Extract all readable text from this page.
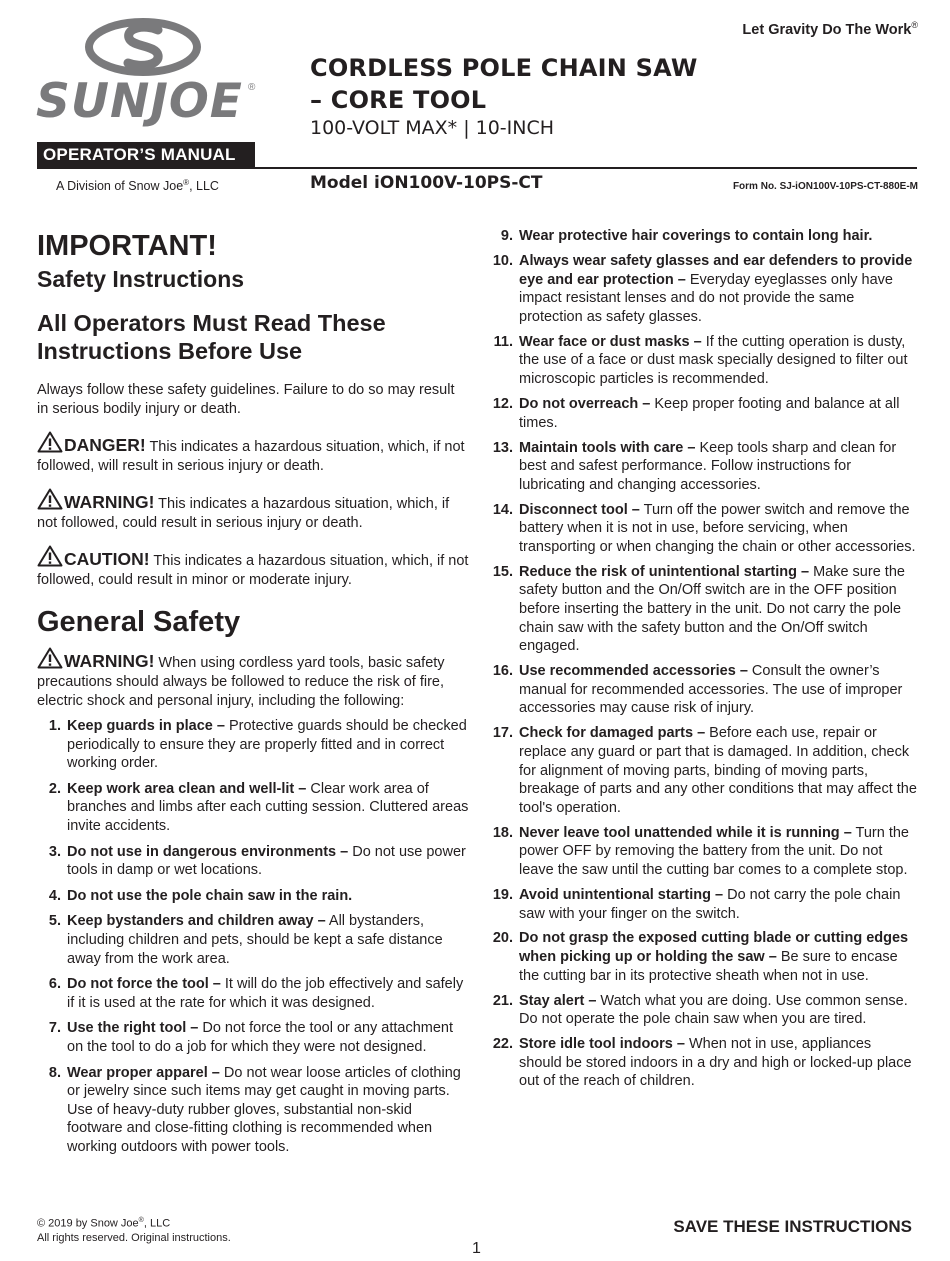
Let Gravity Do The Work®
SUNJOE ®
OPERATOR’S MANUAL
A Division of Snow Joe®, LLC
CORDLESS POLE CHAIN SAW
– CORE TOOL
100-VOLT MAX* | 10-INCH
Model iON100V-10PS-CT	Form No. SJ-iON100V-10PS-CT-880E-M
IMPORTANT!
Safety Instructions
All Operators Must Read These
Instructions Before Use

Always follow these safety guidelines. Failure to do so may result in serious bodily injury or death.

DANGER! This indicates a hazardous situation, which, if not followed, will result in serious injury or death.

WARNING! This indicates a hazardous situation, which, if not followed, could result in serious injury or death.

CAUTION! This indicates a hazardous situation, which, if not followed, could result in minor or moderate injury.

General Safety

WARNING! When using cordless yard tools, basic safety precautions should always be followed to reduce the risk of fire, electric shock and personal injury, including the following:

1. Keep guards in place – Protective guards should be checked periodically to ensure they are properly fitted and in correct working order.
2. Keep work area clean and well-lit – Clear work area of branches and limbs after each cutting session. Cluttered areas invite accidents.
3. Do not use in dangerous environments – Do not use power tools in damp or wet locations.
4. Do not use the pole chain saw in the rain.
5. Keep bystanders and children away – All bystanders, including children and pets, should be kept a safe distance away from the work area.
6. Do not force the tool – It will do the job effectively and safely if it is used at the rate for which it was designed.
7. Use the right tool – Do not force the tool or any attachment on the tool to do a job for which they were not designed.
8. Wear proper apparel – Do not wear loose articles of clothing or jewelry since such items may get caught in moving parts. Use of heavy-duty rubber gloves, substantial non-skid footware and close-fitting clothing is recommended when working outdoors with power tools.
9. Wear protective hair coverings to contain long hair.
10. Always wear safety glasses and ear defenders to provide eye and ear protection – Everyday eyeglasses only have impact resistant lenses and do not provide the same protection as safety glasses.
11. Wear face or dust masks – If the cutting operation is dusty, the use of a face or dust mask specially designed to filter out microscopic particles is recommended.
12. Do not overreach – Keep proper footing and balance at all times.
13. Maintain tools with care – Keep tools sharp and clean for best and safest performance. Follow instructions for lubricating and changing accessories.
14. Disconnect tool – Turn off the power switch and remove the battery when it is not in use, before servicing, when transporting or when changing the chain or other accessories.
15. Reduce the risk of unintentional starting – Make sure the safety button and the On/Off switch are in the OFF position before inserting the battery in the unit. Do not carry the pole chain saw with the safety button and the On/Off switch engaged.
16. Use recommended accessories – Consult the owner’s manual for recommended accessories. The use of improper accessories may cause risk of injury.
17. Check for damaged parts – Before each use, repair or replace any guard or part that is damaged. In addition, check for alignment of moving parts, binding of moving parts, breakage of parts and any other conditions that may affect the tool's operation.
18. Never leave tool unattended while it is running – Turn the power OFF by removing the battery from the unit. Do not leave the saw until the cutting bar comes to a complete stop.
19. Avoid unintentional starting – Do not carry the pole chain saw with your finger on the switch.
20. Do not grasp the exposed cutting blade or cutting edges when picking up or holding the saw – Be sure to encase the cutting bar in its protective sheath when not in use.
21. Stay alert – Watch what you are doing. Use common sense. Do not operate the pole chain saw when you are tired.
22. Store idle tool indoors – When not in use, appliances should be stored indoors in a dry and high or locked-up place out of the reach of children.
© 2019 by Snow Joe®, LLC
All rights reserved. Original instructions.
SAVE THESE INSTRUCTIONS
1
